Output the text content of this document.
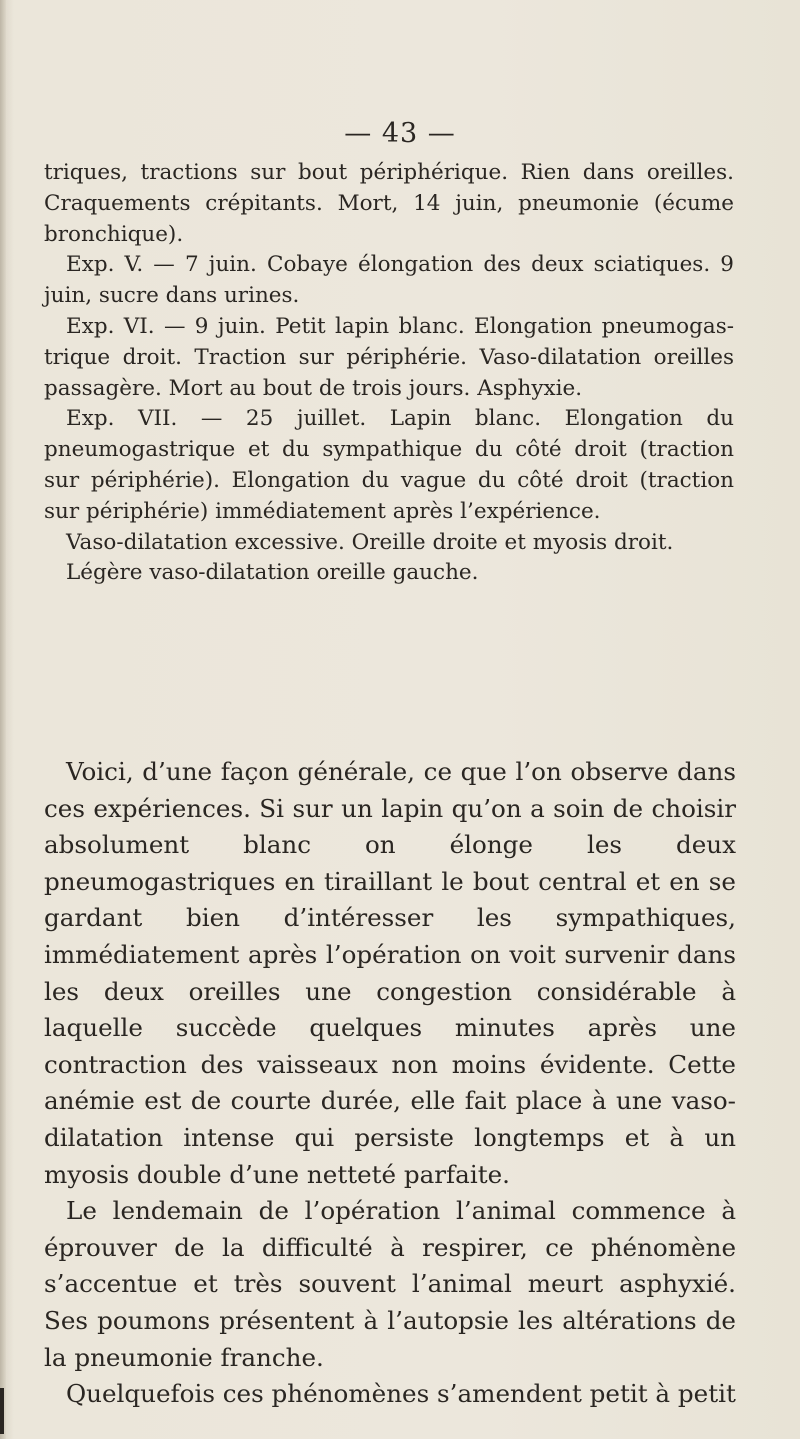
— 43 —

triques, tractions sur bout périphérique. Rien dans oreilles. Craquements crépitants. Mort, 14 juin, pneumonie (écume bronchique).

Exp. V. — 7 juin. Cobaye élongation des deux sciatiques. 9 juin, sucre dans urines.

Exp. VI. — 9 juin. Petit lapin blanc. Elongation pneumogastrique droit. Traction sur périphérie. Vaso-dilatation oreilles passagère. Mort au bout de trois jours. Asphyxie.

Exp. VII. — 25 juillet. Lapin blanc. Elongation du pneumogastrique et du sympathique du côté droit (traction sur périphérie). Elongation du vague du côté droit (traction sur périphérie) immédiatement après l’expérience.

Vaso-dilatation excessive. Oreille droite et myosis droit.

Légère vaso-dilatation oreille gauche.

Voici, d’une façon générale, ce que l’on observe dans ces expériences. Si sur un lapin qu’on a soin de choisir absolument blanc on élonge les deux pneumogastriques en tiraillant le bout central et en se gardant bien d’intéresser les sympathiques, immédiatement après l’opération on voit survenir dans les deux oreilles une congestion considérable à laquelle succède quelques minutes après une contraction des vaisseaux non moins évidente. Cette anémie est de courte durée, elle fait place à une vaso-dilatation intense qui persiste longtemps et à un myosis double d’une netteté parfaite.

Le lendemain de l’opération l’animal commence à éprouver de la difficulté à respirer, ce phénomène s’accentue et très souvent l’animal meurt asphyxié. Ses poumons présentent à l’autopsie les altérations de la pneumonie franche.

Quelquefois ces phénomènes s’amendent petit à petit
